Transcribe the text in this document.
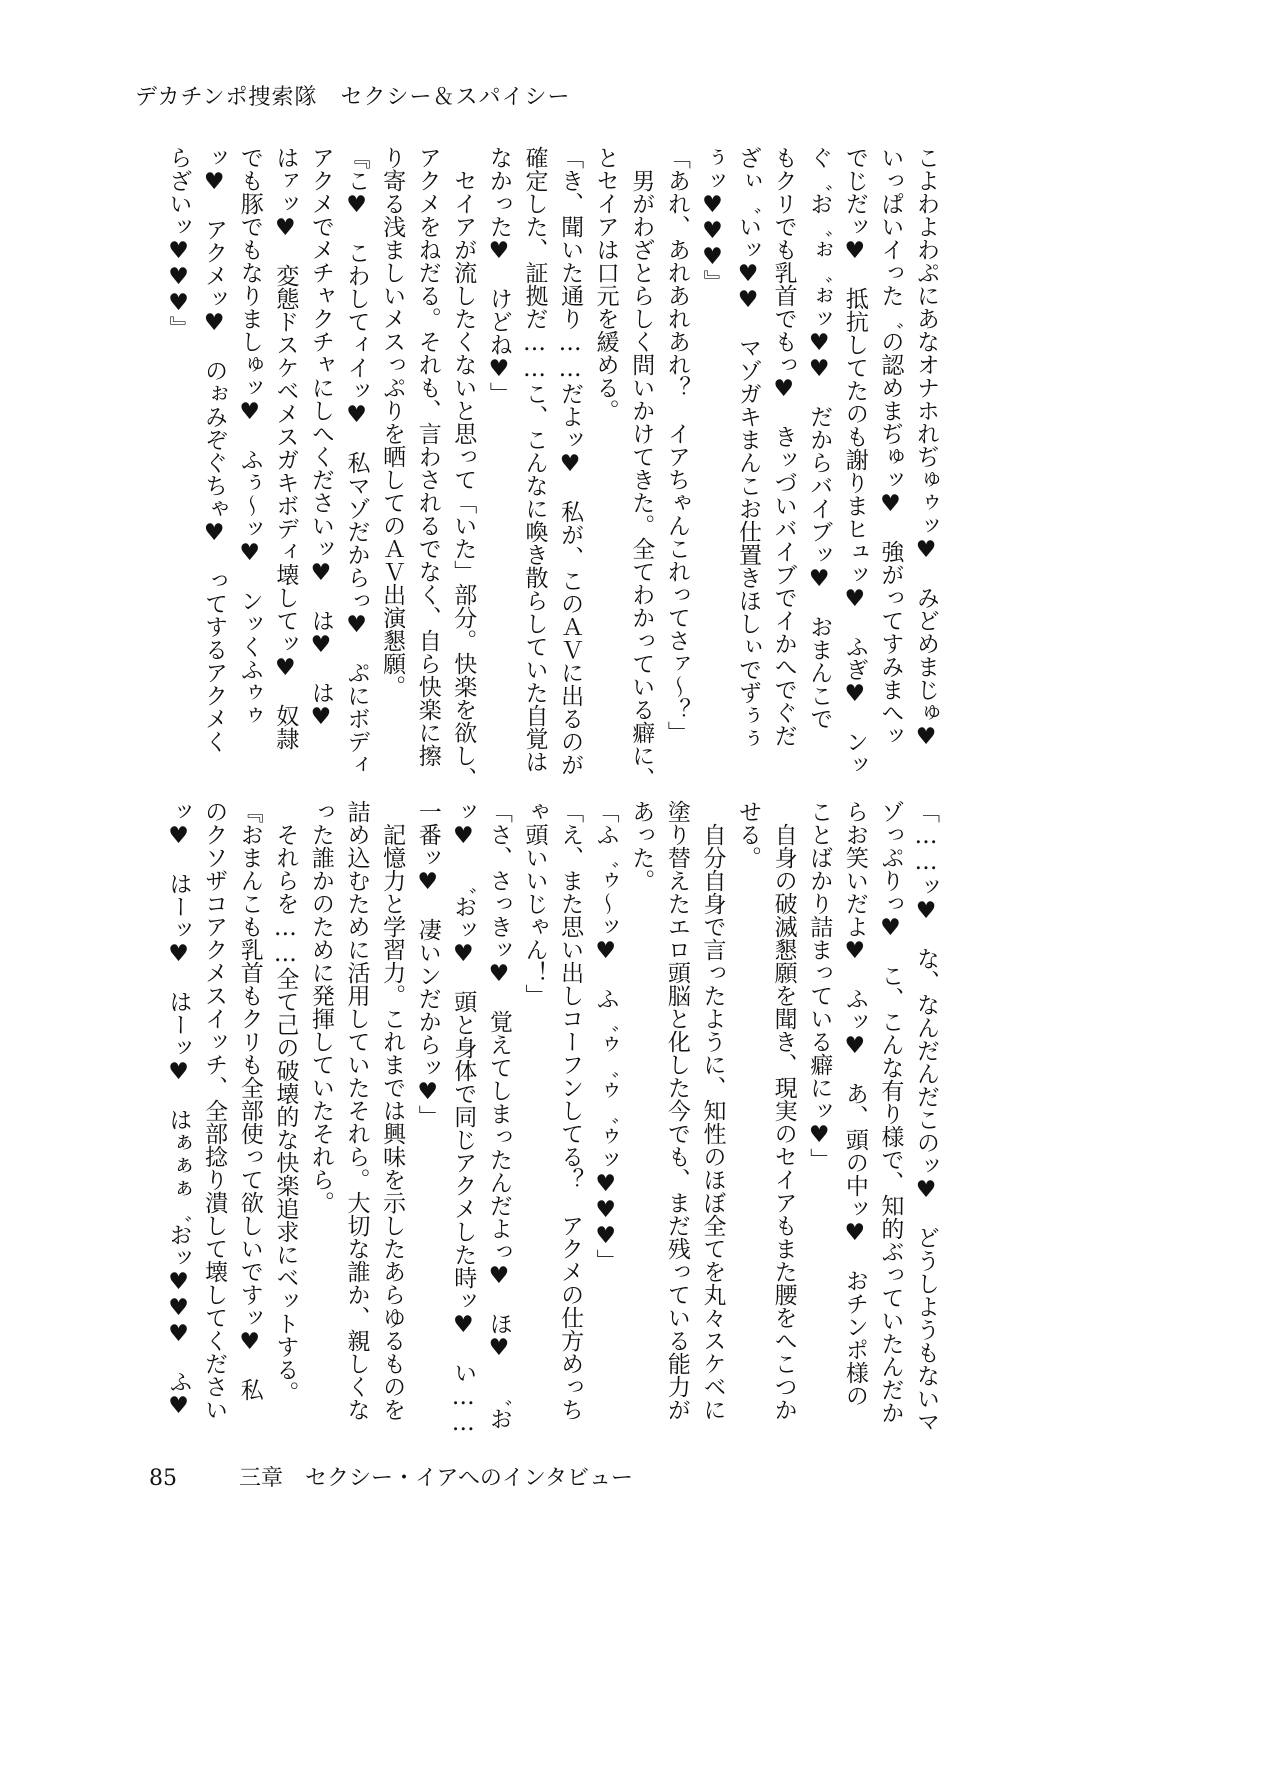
デカチンポ捜索隊　セクシー＆スパイシー
こよわよわぷにあなオナホれぢゅゥッ♥　みどめまじゅ♥
いっぱいイった゛の認めまぢゅッ♥　強がってすみまへッ
でじだッ♥　抵抗してたのも謝りまヒュッ♥　ふぎ♥　ンッ
ぐ゛お゛ぉ゛ぉッ♥♥　だからバイブッ♥　おまんこで
もクリでも乳首でもっ♥　きッづいバイブでイかへでぐだ
ざぃ゛いッ♥♥　マゾガキまんこお仕置きほしぃでずぅぅ
ぅッ♥♥♥』
「あれ、あれあれあれ？　イアちゃんこれってさァ〜？」
　男がわざとらしく問いかけてきた。全てわかっている癖に、
とセイアは口元を緩める。
「き、聞いた通り……だよッ♥　私が、このＡＶに出るのが
確定した、証拠だ……こ、こんなに喚き散らしていた自覚は
なかった♥　けどね♥」
　セイアが流したくないと思って「いた」部分。快楽を欲し、
アクメをねだる。それも、言わされるでなく、自ら快楽に擦
り寄る浅ましいメスっぷりを晒してのＡＶ出演懇願。
『こ♥　こわしてィイッ♥　私マゾだからっ♥　ぷにボディ
アクメでメチャクチャにしへくださいッ♥　は♥　は♥
はァッ♥　変態ドスケベメスガキボディ壊してッ♥　奴隷
でも豚でもなりましゅッ♥　ふぅ〜ッ♥　ンッくふゥゥ
ッ♥　アクメッ♥　のぉみぞぐちゃ♥　ってするアクメく
らざいッ♥♥♥』
「……ッ♥　な、なんだんだこのッ♥　どうしようもないマ
ゾっぷりっ♥　こ、こんな有り様で、知的ぶっていたんだか
らお笑いだよ♥　ふッ♥　あ、頭の中ッ♥　おチンポ様の
ことばかり詰まっている癖にッ♥」
　自身の破滅懇願を聞き、現実のセイアもまた腰をへこつか
せる。
　自分自身で言ったように、知性のほぼ全てを丸々スケベに
塗り替えたエロ頭脳と化した今でも、まだ残っている能力が
あった。
「ふ゛ゥ〜ッ♥　ふ゛ゥ゛ゥ゛ゥッ♥♥♥」
「え、また思い出しコーフンしてる？　アクメの仕方めっち
ゃ頭いいじゃん！」
「さ、さっきッ♥　覚えてしまったんだよっ♥　ほ♥　゛お
ッ♥　゛おッ♥　頭と身体で同じアクメした時ッ♥　い……
一番ッ♥　凄いンだからッ♥」
　記憶力と学習力。これまでは興味を示したあらゆるものを
詰め込むために活用していたそれら。大切な誰か、親しくな
った誰かのために発揮していたそれら。
　それらを……全て己の破壊的な快楽追求にベットする。
『おまんこも乳首もクリも全部使って欲しいですッ♥　私
のクソザコアクメスイッチ、全部捻り潰して壊してください
ッ♥　はーッ♥　はーッ♥　はぁぁぁ゛おッ♥♥♥　ふ♥

85	三章　セクシー・イアへのインタビュー
